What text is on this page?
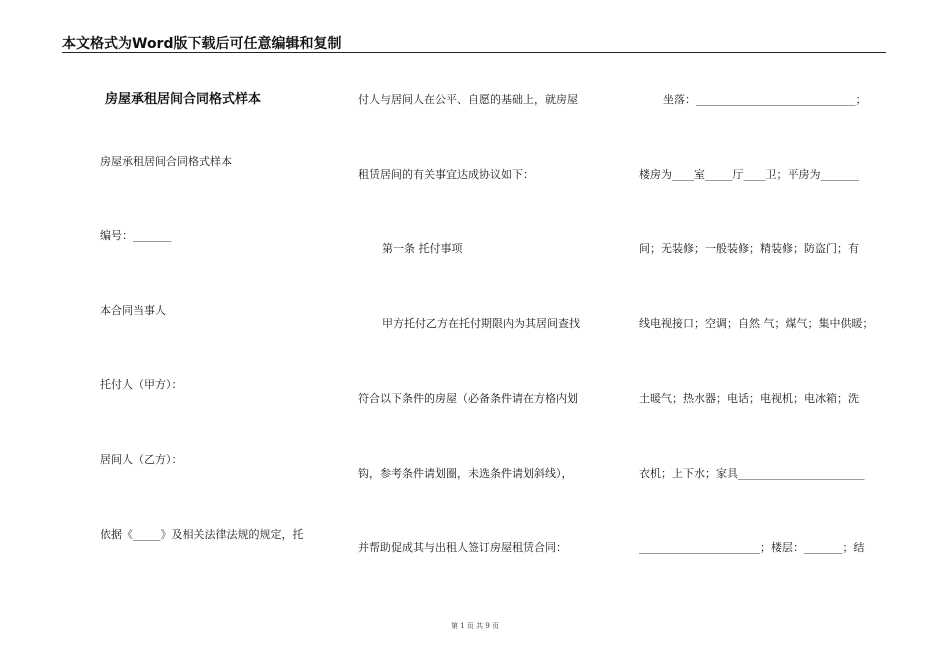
本文格式为Word版下载后可任意编辑和复制
房屋承租居间合同格式样本
房屋承租居间合同格式样本
编号：_______
本合同当事人
托付人（甲方）：
居间人（乙方）：
依据《_____》及相关法律法规的规定，托
付人与居间人在公平、自愿的基础上，就房屋
租赁居间的有关事宜达成协议如下：
第一条 托付事项
甲方托付乙方在托付期限内为其居间查找
符合以下条件的房屋（必备条件请在方格内划
钩，参考条件请划圈，未选条件请划斜线），
并帮助促成其与出租人签订房屋租赁合同：
坐落：_____________________________；
楼房为____室_____厅____卫；平房为_______
间；无装修；一般装修；精装修；防盗门；有
线电视接口；空调；自然 气；煤气；集中供暖；
土暖气；热水器；电话；电视机；电冰箱；洗
衣机；上下水；家具_______________________
______________________；楼层：_______；结
第 1 页 共 9 页
